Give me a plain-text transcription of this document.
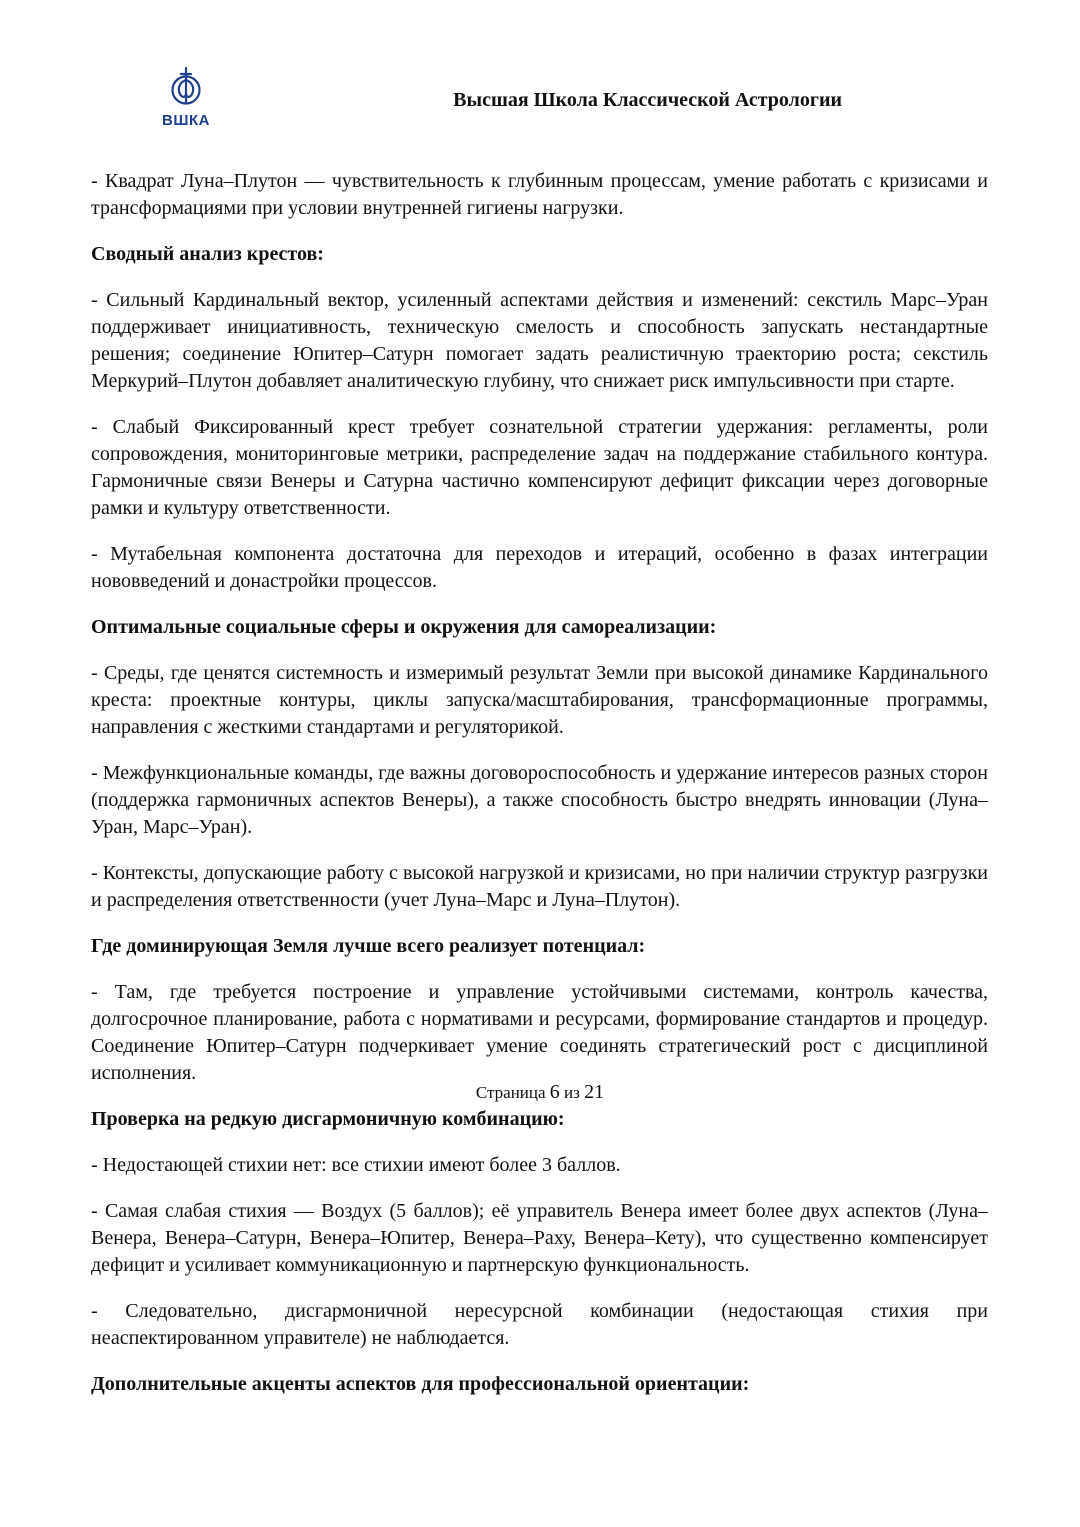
ВШКА
Высшая Школа Классической Астрологии

- Квадрат Луна–Плутон — чувствительность к глубинным процессам, умение работать с кризисами и трансформациями при условии внутренней гигиены нагрузки.

Сводный анализ крестов:

- Сильный Кардинальный вектор, усиленный аспектами действия и изменений: секстиль Марс–Уран поддерживает инициативность, техническую смелость и способность запускать нестандартные решения; соединение Юпитер–Сатурн помогает задать реалистичную траекторию роста; секстиль Меркурий–Плутон добавляет аналитическую глубину, что снижает риск импульсивности при старте.

- Слабый Фиксированный крест требует сознательной стратегии удержания: регламенты, роли сопровождения, мониторинговые метрики, распределение задач на поддержание стабильного контура. Гармоничные связи Венеры и Сатурна частично компенсируют дефицит фиксации через договорные рамки и культуру ответственности.

- Мутабельная компонента достаточна для переходов и итераций, особенно в фазах интеграции нововведений и донастройки процессов.

Оптимальные социальные сферы и окружения для самореализации:

- Среды, где ценятся системность и измеримый результат Земли при высокой динамике Кардинального креста: проектные контуры, циклы запуска/масштабирования, трансформационные программы, направления с жесткими стандартами и регуляторикой.

- Межфункциональные команды, где важны договороспособность и удержание интересов разных сторон (поддержка гармоничных аспектов Венеры), а также способность быстро внедрять инновации (Луна–Уран, Марс–Уран).

- Контексты, допускающие работу с высокой нагрузкой и кризисами, но при наличии структур разгрузки и распределения ответственности (учет Луна–Марс и Луна–Плутон).

Где доминирующая Земля лучше всего реализует потенциал:

- Там, где требуется построение и управление устойчивыми системами, контроль качества, долгосрочное планирование, работа с нормативами и ресурсами, формирование стандартов и процедур. Соединение Юпитер–Сатурн подчеркивает умение соединять стратегический рост с дисциплиной исполнения.

Проверка на редкую дисгармоничную комбинацию:

- Недостающей стихии нет: все стихии имеют более 3 баллов.

- Самая слабая стихия — Воздух (5 баллов); её управитель Венера имеет более двух аспектов (Луна–Венера, Венера–Сатурн, Венера–Юпитер, Венера–Раху, Венера–Кету), что существенно компенсирует дефицит и усиливает коммуникационную и партнерскую функциональность.

- Следовательно, дисгармоничной нересурсной комбинации (недостающая стихия при неаспектированном управителе) не наблюдается.

Дополнительные акценты аспектов для профессиональной ориентации:
Страница 6 из 21
